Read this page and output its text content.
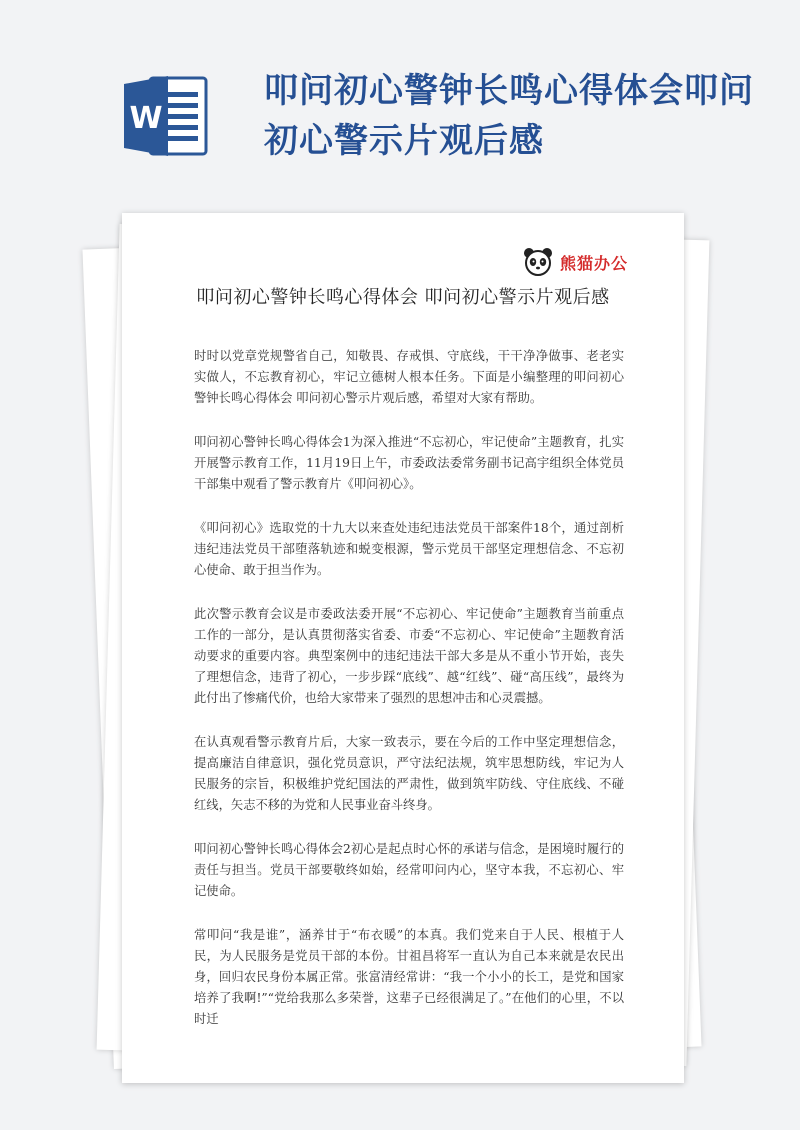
W
叩问初心警钟长鸣心得体会叩问初心警示片观后感
熊猫办公
叩问初心警钟长鸣心得体会 叩问初心警示片观后感

时时以党章党规警省自己，知敬畏、存戒惧、守底线，干干净净做事、老老实实做人，不忘教育初心，牢记立德树人根本任务。下面是小编整理的叩问初心警钟长鸣心得体会 叩问初心警示片观后感，希望对大家有帮助。

叩问初心警钟长鸣心得体会1为深入推进“不忘初心，牢记使命”主题教育，扎实开展警示教育工作，11月19日上午，市委政法委常务副书记高宇组织全体党员干部集中观看了警示教育片《叩问初心》。

《叩问初心》选取党的十九大以来查处违纪违法党员干部案件18个，通过剖析违纪违法党员干部堕落轨迹和蜕变根源，警示党员干部坚定理想信念、不忘初心使命、敢于担当作为。

此次警示教育会议是市委政法委开展“不忘初心、牢记使命”主题教育当前重点工作的一部分，是认真贯彻落实省委、市委“不忘初心、牢记使命”主题教育活动要求的重要内容。典型案例中的违纪违法干部大多是从不重小节开始，丧失了理想信念，违背了初心，一步步踩“底线”、越“红线”、碰“高压线”，最终为此付出了惨痛代价，也给大家带来了强烈的思想冲击和心灵震撼。

在认真观看警示教育片后，大家一致表示，要在今后的工作中坚定理想信念，提高廉洁自律意识，强化党员意识，严守法纪法规，筑牢思想防线，牢记为人民服务的宗旨，积极维护党纪国法的严肃性，做到筑牢防线、守住底线、不碰红线，矢志不移的为党和人民事业奋斗终身。

叩问初心警钟长鸣心得体会2初心是起点时心怀的承诺与信念，是困境时履行的责任与担当。党员干部要敬终如始，经常叩问内心，坚守本我，不忘初心、牢记使命。

常叩问“我是谁”，涵养甘于“布衣暖”的本真。我们党来自于人民、根植于人民，为人民服务是党员干部的本份。甘祖昌将军一直认为自己本来就是农民出身，回归农民身份本属正常。张富清经常讲：“我一个小小的长工，是党和国家培养了我啊!”“党给我那么多荣誉，这辈子已经很满足了。”在他们的心里，不以时迁
